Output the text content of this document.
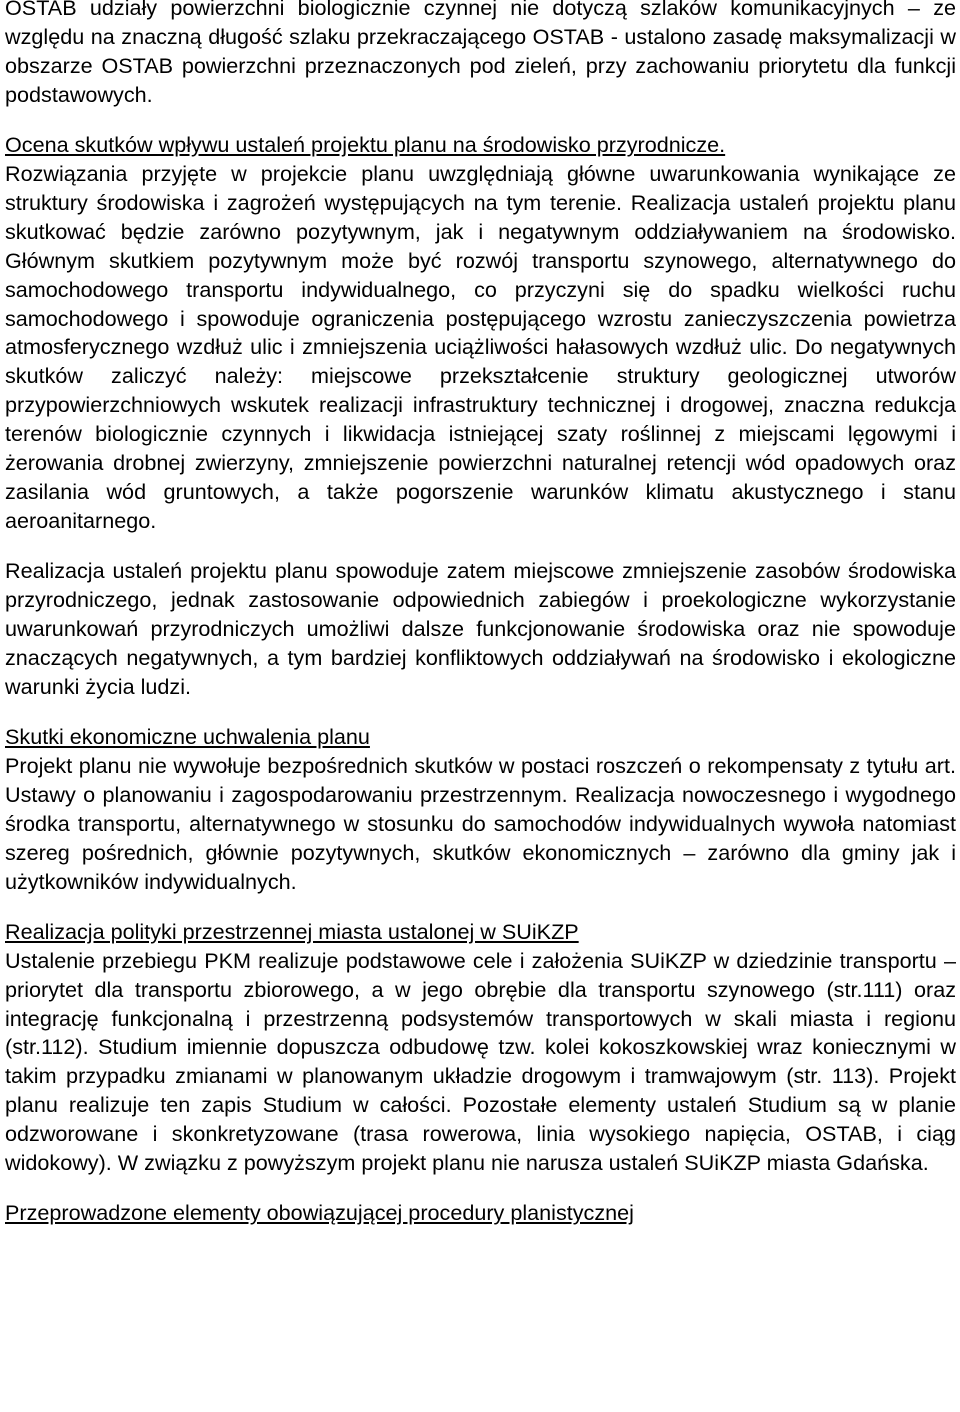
OSTAB udziały powierzchni biologicznie czynnej nie dotyczą szlaków komunikacyjnych – ze względu na znaczną długość szlaku przekraczającego OSTAB - ustalono zasadę maksymalizacji w obszarze OSTAB powierzchni przeznaczonych pod zieleń, przy zachowaniu priorytetu dla funkcji podstawowych.

Ocena skutków wpływu ustaleń projektu planu na środowisko przyrodnicze.

Rozwiązania przyjęte w projekcie planu uwzględniają główne uwarunkowania wynikające ze struktury środowiska i zagrożeń występujących na tym terenie. Realizacja ustaleń projektu planu skutkować będzie zarówno pozytywnym, jak i negatywnym oddziaływaniem na środowisko. Głównym skutkiem pozytywnym może być rozwój transportu szynowego, alternatywnego do samochodowego transportu indywidualnego, co przyczyni się do spadku wielkości ruchu samochodowego i spowoduje ograniczenia postępującego wzrostu zanieczyszczenia powietrza atmosferycznego wzdłuż ulic i zmniejszenia uciążliwości hałasowych wzdłuż ulic. Do negatywnych skutków zaliczyć należy: miejscowe przekształcenie struktury geologicznej utworów przypowierzchniowych wskutek realizacji infrastruktury technicznej i drogowej, znaczna redukcja terenów biologicznie czynnych i likwidacja istniejącej szaty roślinnej z miejscami lęgowymi i żerowania drobnej zwierzyny, zmniejszenie powierzchni naturalnej retencji wód opadowych oraz zasilania wód gruntowych, a także pogorszenie warunków klimatu akustycznego i stanu aeroanitarnego.

Realizacja ustaleń projektu planu spowoduje zatem miejscowe zmniejszenie zasobów środowiska przyrodniczego, jednak zastosowanie odpowiednich zabiegów i proekologiczne wykorzystanie uwarunkowań przyrodniczych umożliwi dalsze funkcjonowanie środowiska oraz nie spowoduje znaczących negatywnych, a tym bardziej konfliktowych oddziaływań na środowisko i ekologiczne warunki życia ludzi.

Skutki ekonomiczne uchwalenia planu

Projekt planu nie wywołuje bezpośrednich skutków w postaci roszczeń o rekompensaty z tytułu art. Ustawy o planowaniu i zagospodarowaniu przestrzennym. Realizacja nowoczesnego i wygodnego środka transportu, alternatywnego w stosunku do samochodów indywidualnych wywoła natomiast szereg pośrednich, głównie pozytywnych, skutków ekonomicznych – zarówno dla gminy jak i użytkowników indywidualnych.

Realizacja polityki przestrzennej miasta ustalonej w SUiKZP

Ustalenie przebiegu PKM realizuje podstawowe cele i założenia SUiKZP w dziedzinie transportu – priorytet dla transportu zbiorowego, a w jego obrębie dla transportu szynowego (str.111) oraz integrację funkcjonalną i przestrzenną podsystemów transportowych w skali miasta i regionu (str.112). Studium imiennie dopuszcza odbudowę tzw. kolei kokoszkowskiej wraz koniecznymi w takim przypadku zmianami w planowanym układzie drogowym i tramwajowym (str. 113). Projekt planu realizuje ten zapis Studium w całości. Pozostałe elementy ustaleń Studium są w planie odzworowane i skonkretyzowane (trasa rowerowa, linia wysokiego napięcia, OSTAB, i ciąg widokowy). W związku z powyższym projekt planu nie narusza ustaleń SUiKZP miasta Gdańska.

Przeprowadzone elementy obowiązującej procedury planistycznej
